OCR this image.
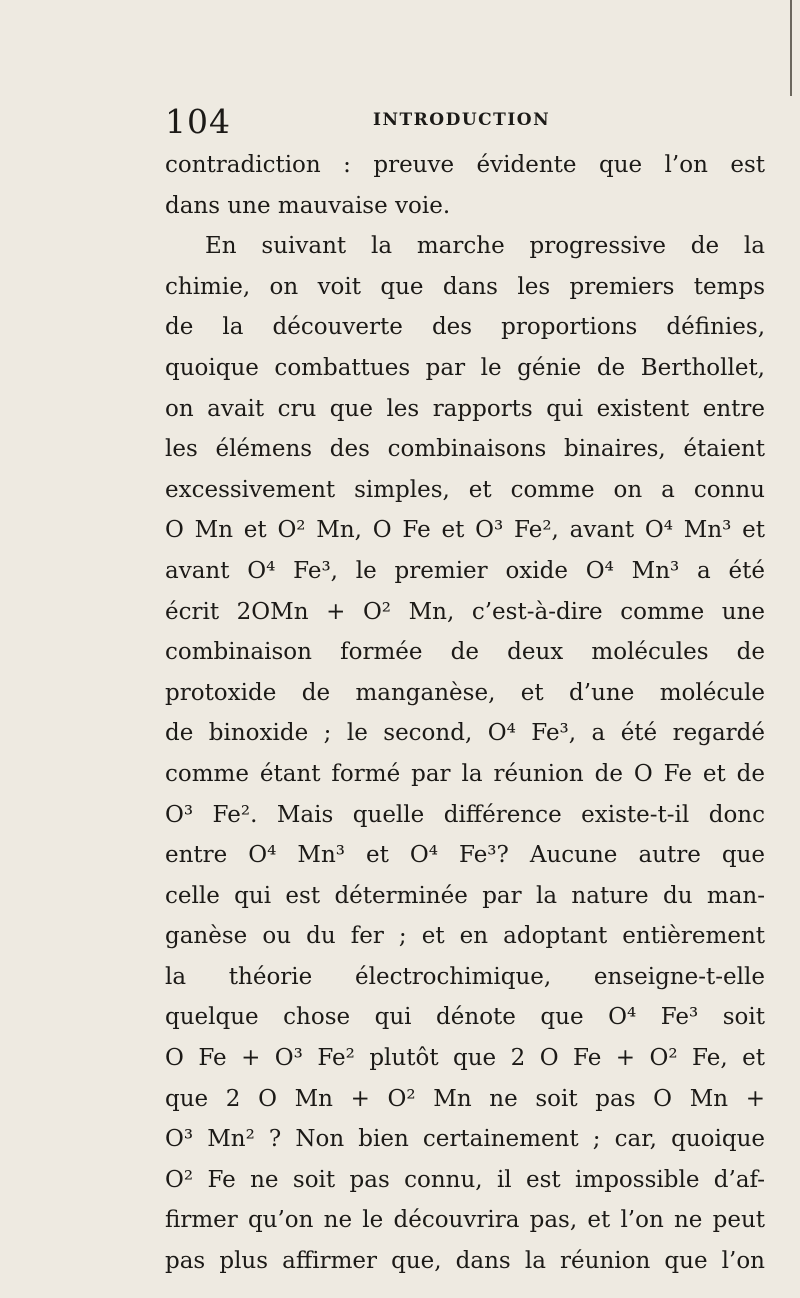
104	INTRODUCTION
contradiction : preuve évidente que l’on est
dans une mauvaise voie.
En suivant la marche progressive de la
chimie, on voit que dans les premiers temps
de la découverte des proportions définies,
quoique combattues par le génie de Berthollet,
on avait cru que les rapports qui existent entre
les élémens des combinaisons binaires, étaient
excessivement simples, et comme on a connu
O Mn et O² Mn, O Fe et O³ Fe², avant O⁴ Mn³ et
avant O⁴ Fe³, le premier oxide O⁴ Mn³ a été
écrit 2OMn + O² Mn, c’est-à-dire comme une
combinaison formée de deux molécules de
protoxide de manganèse, et d’une molécule
de binoxide ; le second, O⁴ Fe³, a été regardé
comme étant formé par la réunion de O Fe et de
O³ Fe². Mais quelle différence existe-t-il donc
entre O⁴ Mn³ et O⁴ Fe³? Aucune autre que
celle qui est déterminée par la nature du man-
ganèse ou du fer ; et en adoptant entièrement
la théorie électrochimique, enseigne-t-elle
quelque chose qui dénote que O⁴ Fe³ soit
O Fe + O³ Fe² plutôt que 2 O Fe + O² Fe, et
que 2 O Mn + O² Mn ne soit pas O Mn +
O³ Mn² ? Non bien certainement ; car, quoique
O² Fe ne soit pas connu, il est impossible d’af-
firmer qu’on ne le découvrira pas, et l’on ne peut
pas plus affirmer que, dans la réunion que l’on
